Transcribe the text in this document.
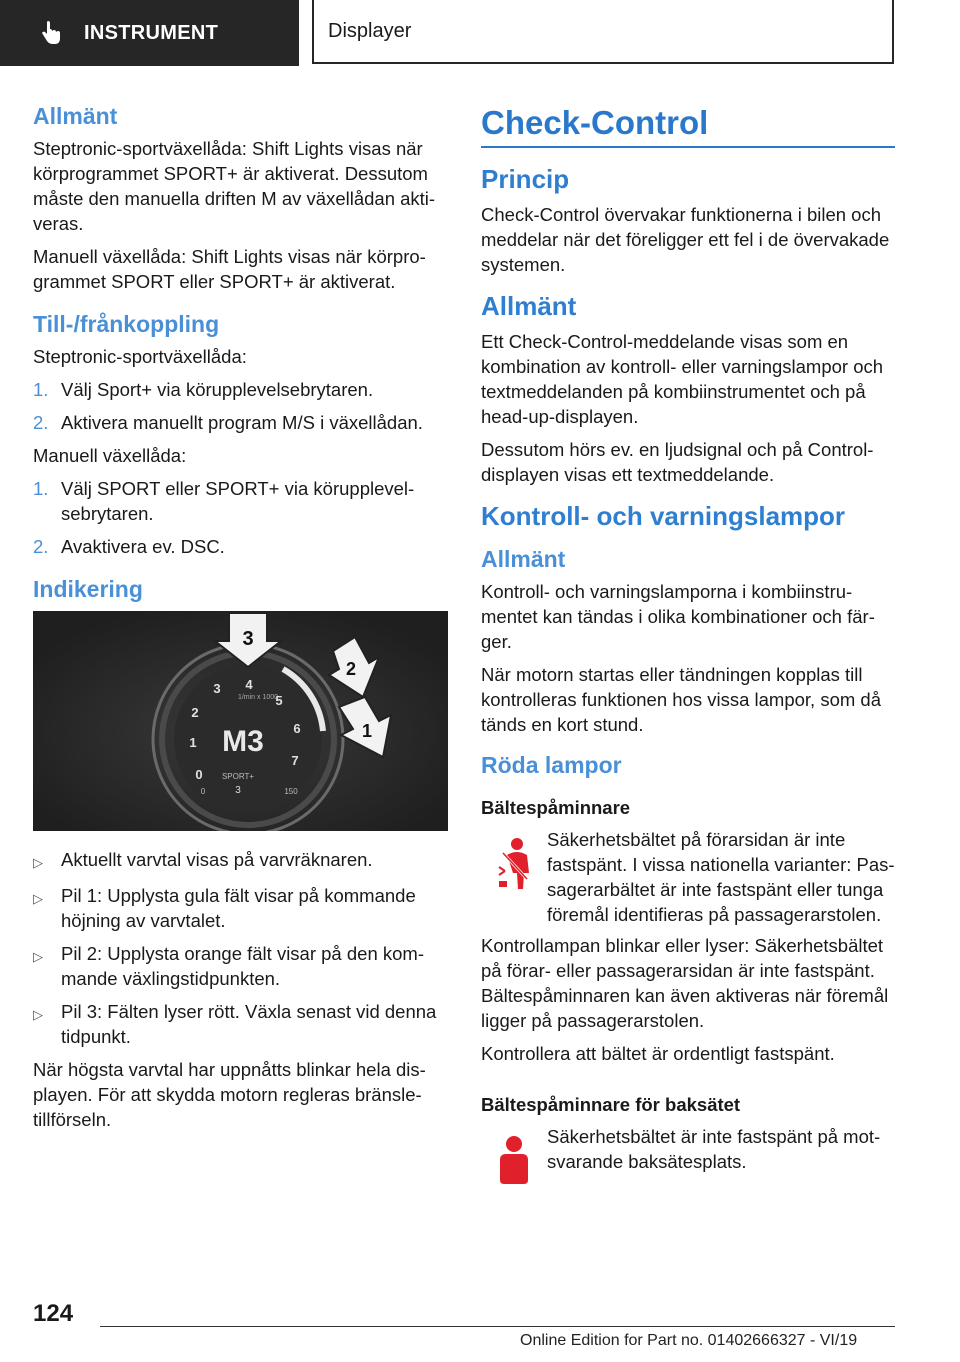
INSTRUMENT	Displayer
Allmänt

Steptronic-sportväxellåda: Shift Lights visas när körprogrammet SPORT+ är aktiverat. Dessutom måste den manuella driften M av växellådan aktiveras.

Manuell växellåda: Shift Lights visas när körprogrammet SPORT eller SPORT+ är aktiverat.

Till-/frånkoppling

Steptronic-sportväxellåda:

1. Välj Sport+ via körupplevelsebrytaren.
2. Aktivera manuellt program M/S i växellådan.

Manuell växellåda:

1. Välj SPORT eller SPORT+ via körupplevelsebrytaren.
2. Avaktivera ev. DSC.
Indikering
M3
1/min x 1000
SPORT+
3	150
0
0
1
2
3 4
5
6
7
3
2
1
▷ Aktuellt varvtal visas på varvräknaren.
▷ Pil 1: Upplysta gula fält visar på kommande höjning av varvtalet.
▷ Pil 2: Upplysta orange fält visar på den kommande växlingstidpunkten.
▷ Pil 3: Fälten lyser rött. Växla senast vid denna tidpunkt.

När högsta varvtal har uppnåtts blinkar hela displayen. För att skydda motorn regleras bränsletillförseln.

Check-Control
Princip

Check-Control övervakar funktionerna i bilen och meddelar när det föreligger ett fel i de övervakade systemen.

Allmänt

Ett Check-Control-meddelande visas som en kombination av kontroll- eller varningslampor och textmeddelanden på kombiinstrumentet och på head-up-displayen.

Dessutom hörs ev. en ljudsignal och på Control-displayen visas ett textmeddelande.

Kontroll- och varningslampor
Allmänt

Kontroll- och varningslamporna i kombiinstrumentet kan tändas i olika kombinationer och färger.

När motorn startas eller tändningen kopplas till kontrolleras funktionen hos vissa lampor, som då tänds en kort stund.

Röda lampor
Bältespåminnare
Säkerhetsbältet på förarsidan är inte fastspänt. I vissa nationella varianter: Passagerarbältet är inte fastspänt eller tunga föremål identifieras på passagerarstolen.

Kontrollampan blinkar eller lyser: Säkerhetsbältet på förar- eller passagerarsidan är inte fastspänt. Bältespåminnaren kan även aktiveras när föremål ligger på passagerarstolen.

Kontrollera att bältet är ordentligt fastspänt.

Bältespåminnare för baksätet
Säkerhetsbältet är inte fastspänt på motsvarande baksätesplats.
124
Online Edition for Part no. 01402666327 - VI/19
